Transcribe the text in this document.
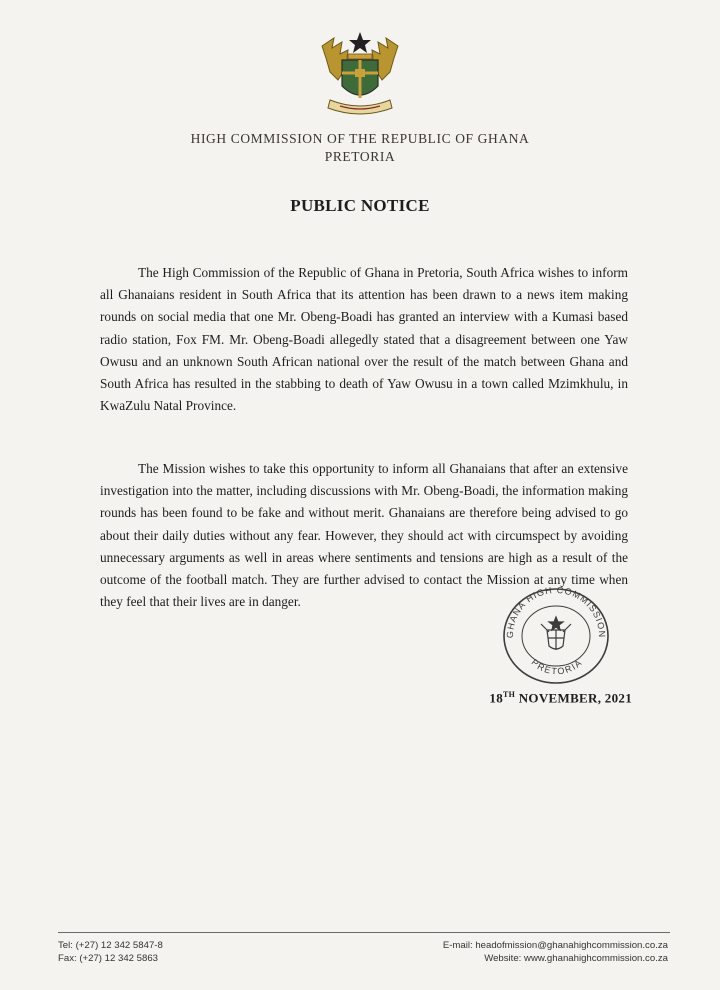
HIGH COMMISSION OF THE REPUBLIC OF GHANA
PRETORIA
PUBLIC NOTICE

The High Commission of the Republic of Ghana in Pretoria, South Africa wishes to inform all Ghanaians resident in South Africa that its attention has been drawn to a news item making rounds on social media that one Mr. Obeng-Boadi has granted an interview with a Kumasi based radio station, Fox FM. Mr. Obeng-Boadi allegedly stated that a disagreement between one Yaw Owusu and an unknown South African national over the result of the match between Ghana and South Africa has resulted in the stabbing to death of Yaw Owusu in a town called Mzimkhulu, in KwaZulu Natal Province.

The Mission wishes to take this opportunity to inform all Ghanaians that after an extensive investigation into the matter, including discussions with Mr. Obeng-Boadi, the information making rounds has been found to be fake and without merit. Ghanaians are therefore being advised to go about their daily duties without any fear. However, they should act with circumspect by avoiding unnecessary arguments as well in areas where sentiments and tensions are high as a result of the outcome of the football match. They are further advised to contact the Mission at any time when they feel that their lives are in danger.

GHANA HIGH COMMISSION
PRETORIA
18TH NOVEMBER, 2021
Tel: (+27) 12 342 5847-8
Fax: (+27) 12 342 5863
E-mail: headofmission@ghanahighcommission.co.za
Website: www.ghanahighcommission.co.za
